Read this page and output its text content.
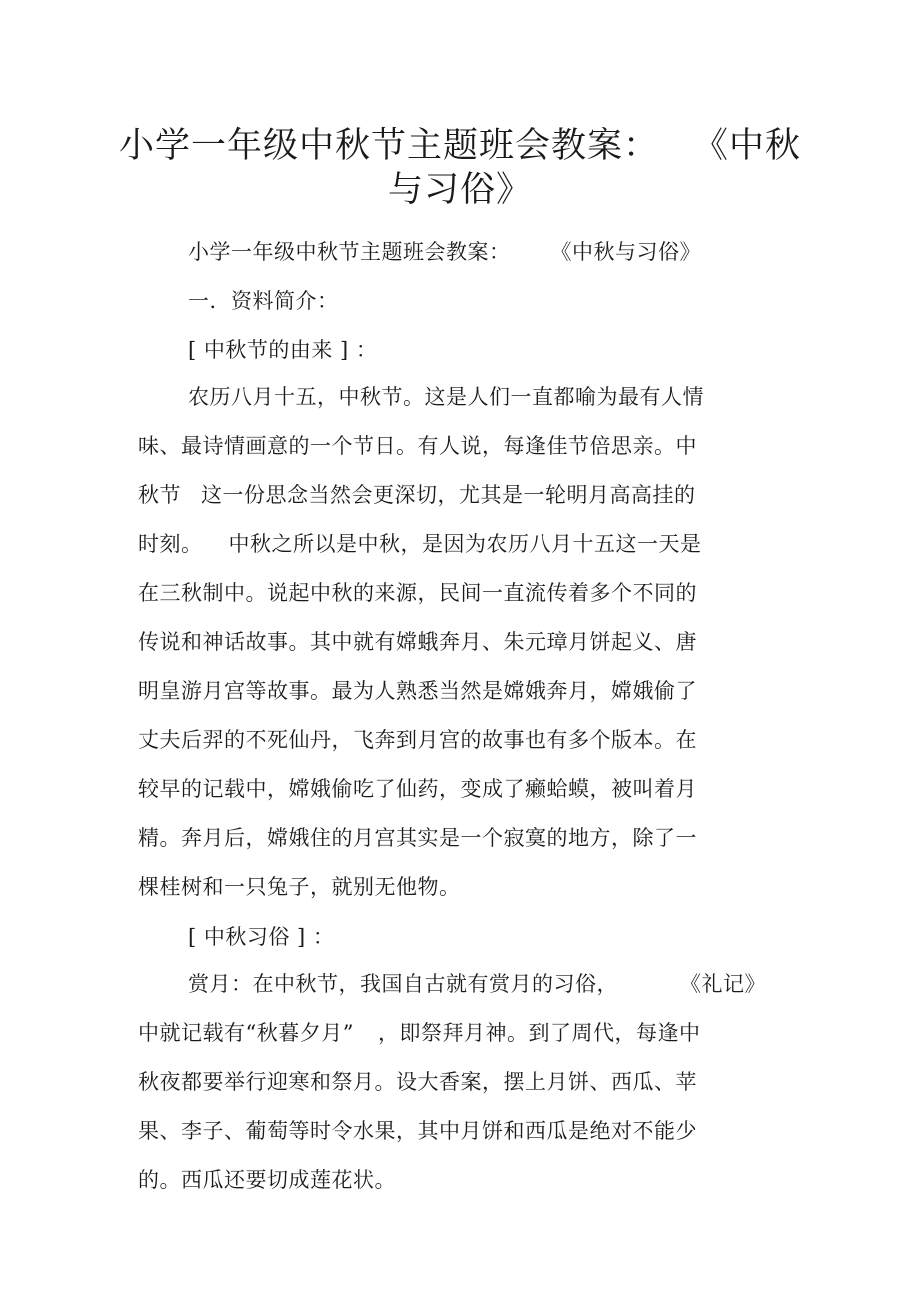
小学一年级中秋节主题班会教案： 《中秋
与习俗》
小学一年级中秋节主题班会教案： 《中秋与习俗》
一．资料简介：
[ 中秋节的由来 ] ：
农历八月十五，中秋节。这是人们一直都喻为最有人情
味、最诗情画意的一个节日。有人说，每逢佳节倍思亲。中
秋节 这一份思念当然会更深切，尤其是一轮明月高高挂的
时刻。 中秋之所以是中秋，是因为农历八月十五这一天是
在三秋制中。说起中秋的来源，民间一直流传着多个不同的
传说和神话故事。其中就有嫦蛾奔月、朱元璋月饼起义、唐
明皇游月宫等故事。最为人熟悉当然是嫦娥奔月，嫦娥偷了
丈夫后羿的不死仙丹，飞奔到月宫的故事也有多个版本。在
较早的记载中，嫦娥偷吃了仙药，变成了癞蛤蟆，被叫着月
精。奔月后，嫦娥住的月宫其实是一个寂寞的地方，除了一
棵桂树和一只兔子，就别无他物。
[ 中秋习俗 ] ：
赏月：在中秋节，我国自古就有赏月的习俗，	《礼记》
中就记载有“秋暮夕月” ，即祭拜月神。到了周代，每逢中
秋夜都要举行迎寒和祭月。设大香案，摆上月饼、西瓜、苹
果、李子、葡萄等时令水果，其中月饼和西瓜是绝对不能少
的。西瓜还要切成莲花状。
